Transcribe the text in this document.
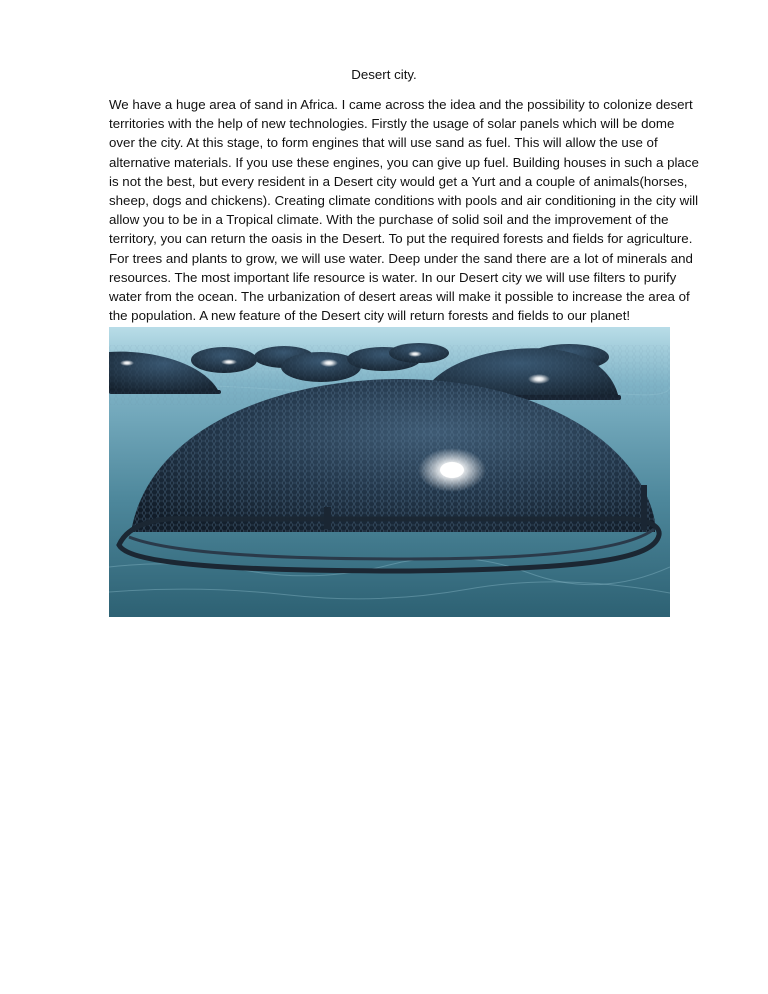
Desert city.

We have a huge area of sand in Africa. I came across the idea and the possibility to colonize desert territories with the help of new technologies. Firstly the usage of solar panels which will be dome over the city. At this stage, to form engines that will use sand as fuel. This will allow the use of alternative materials. If you use these engines, you can give up fuel. Building houses in such a place is not the best, but every resident in a Desert city would get a Yurt and a couple of animals(horses, sheep, dogs and chickens). Creating climate conditions with pools and air conditioning in the city will allow you to be in a Tropical climate. With the purchase of solid soil and the improvement of the territory, you can return the oasis in the Desert. To put the required forests and fields for agriculture. For trees and plants to grow, we will use water. Deep under the sand there are a lot of minerals and resources. The most important life resource is water. In our Desert city we will use filters to purify water from the ocean. The urbanization of desert areas will make it possible to increase the area of the population. A new feature of the Desert city will return forests and fields to our planet!
